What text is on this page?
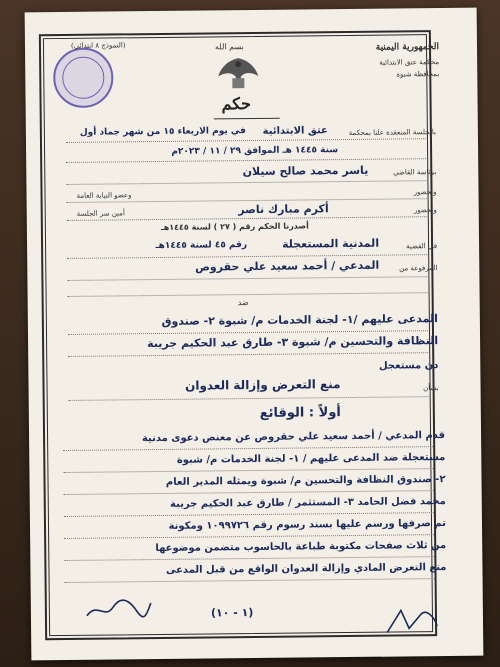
(النموذج ٨ ابتدائي)	بسم الله	الجمهورية اليمنية
محكمة عتق الابتدائية
بمحافظة شبوة
حكم
بالجلسة المنعقدة علنا بمحكمة
عتق الابتدائية
في يوم الاربعاء ١٥ من شهر جماد أول
سنة ١٤٤٥ هـ الموافق ٢٩ / ١١ / ٢٠٢٣م
برئاسة القاضي
ياسر محمد صالح سيلان
وبحضور
وعضو النيابة العامة
وبحضور
أكرم مبارك ناصر
أمين سر الجلسة
أصدرنا الحكم رقم ( ٢٧ ) لسنة ١٤٤٥هـ
في القضية
المدنية المستعجلة
رقم ٤٥ لسنة ١٤٤٥هـ
المرفوعة من
المدعي / أحمد سعيد علي حقروص
ضد
المدعى عليهم /١- لجنة الخدمات م/ شبوة ٢- صندوق
النظافة والتحسين م/ شبوة ٣- طارق عبد الحكيم جريبة
دن مستعجل
بشأن
منع التعرض وإزالة العدوان
أولاً : الوقائع
قدم المدعي / أحمد سعيد علي حقروص عن معنص دعوى مدنية
مستعجلة ضد المدعى عليهم / ١- لجنة الخدمات م/ شبوة
٢- صندوق النظافة والتحسين م/ شبوة ويمثله المدير العام
محمد فضل الحامد ٣- المستثمر / طارق عبد الحكيم جريبة
تم صرفها ورسم عليها بسند رسوم رقم ١٠٩٩٧٢٦ ومكونة
من ثلاث صفحات مكتوبة طباعة بالحاسوب متضمن موضوعها
منع التعرض المادي وإزالة العدوان الواقع من قبل المدعى
(١ - ١٠)
